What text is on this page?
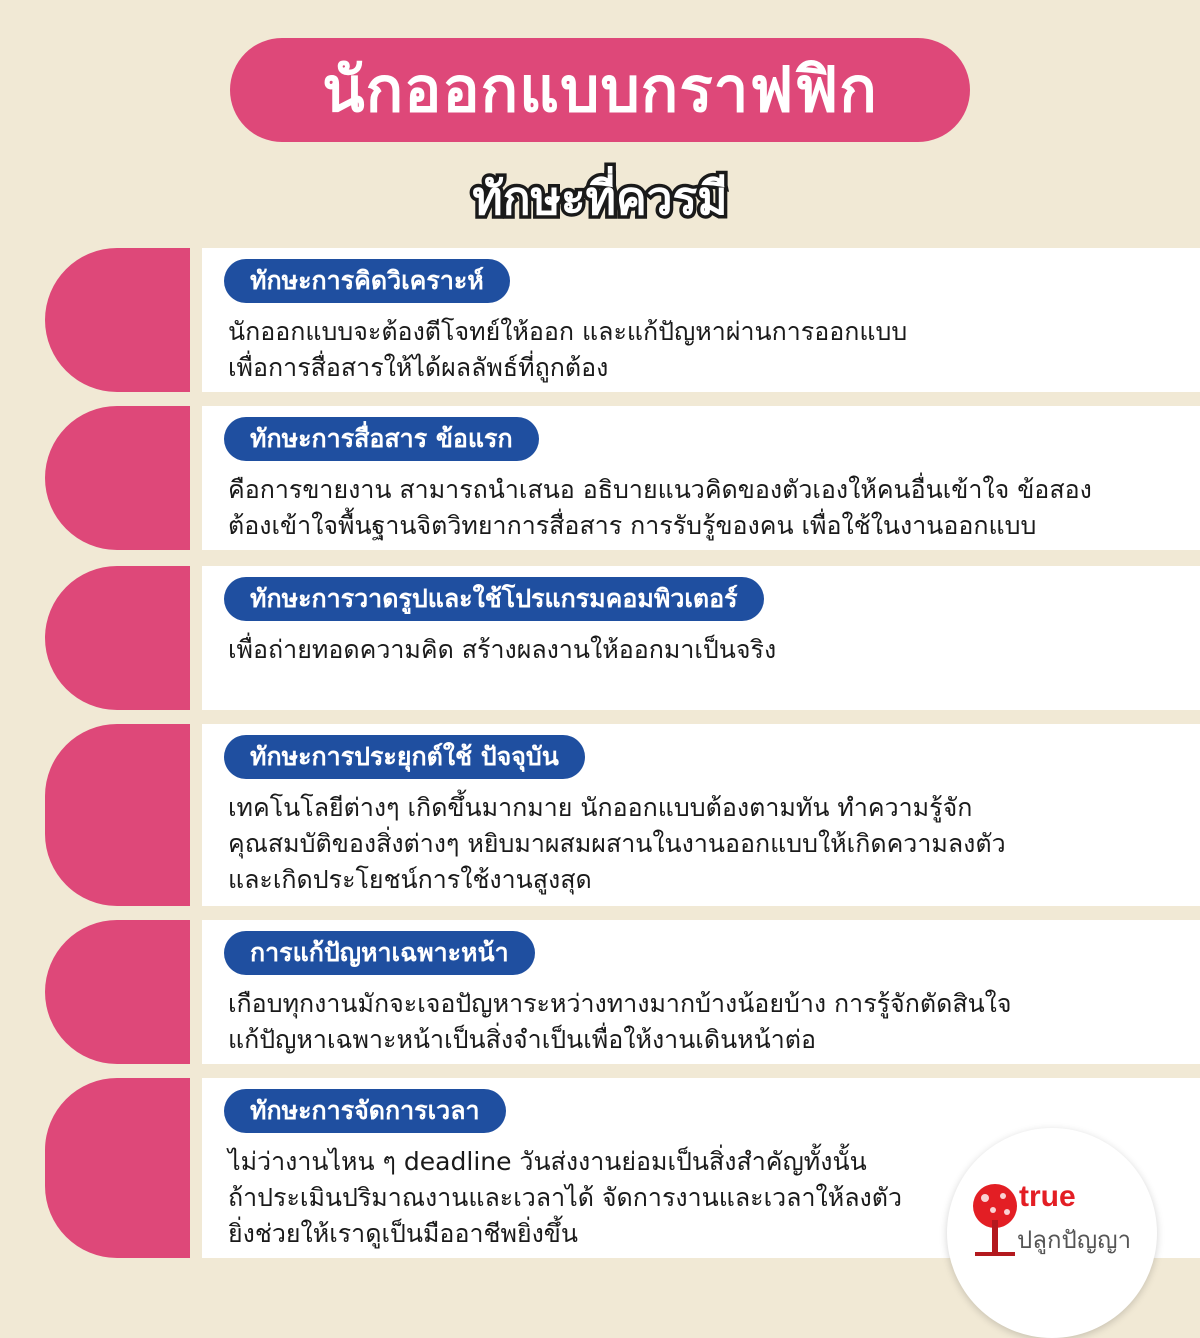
นักออกแบบกราฟฟิก
ทักษะที่ควรมี
ทักษะการคิดวิเคราะห์
นักออกแบบจะต้องตีโจทย์ให้ออก และแก้ปัญหาผ่านการออกแบบ
เพื่อการสื่อสารให้ได้ผลลัพธ์ที่ถูกต้อง
ทักษะการสื่อสาร ข้อแรก
คือการขายงาน สามารถนำเสนอ อธิบายแนวคิดของตัวเองให้คนอื่นเข้าใจ ข้อสอง
ต้องเข้าใจพื้นฐานจิตวิทยาการสื่อสาร การรับรู้ของคน เพื่อใช้ในงานออกแบบ
ทักษะการวาดรูปและใช้โปรแกรมคอมพิวเตอร์
เพื่อถ่ายทอดความคิด สร้างผลงานให้ออกมาเป็นจริง
ทักษะการประยุกต์ใช้ ปัจจุบัน
เทคโนโลยีต่างๆ เกิดขึ้นมากมาย นักออกแบบต้องตามทัน ทำความรู้จัก
คุณสมบัติของสิ่งต่างๆ หยิบมาผสมผสานในงานออกแบบให้เกิดความลงตัว
และเกิดประโยชน์การใช้งานสูงสุด
การแก้ปัญหาเฉพาะหน้า
เกือบทุกงานมักจะเจอปัญหาระหว่างทางมากบ้างน้อยบ้าง การรู้จักตัดสินใจ
แก้ปัญหาเฉพาะหน้าเป็นสิ่งจำเป็นเพื่อให้งานเดินหน้าต่อ
ทักษะการจัดการเวลา
ไม่ว่างานไหน ๆ deadline วันส่งงานย่อมเป็นสิ่งสำคัญทั้งนั้น
ถ้าประเมินปริมาณงานและเวลาได้ จัดการงานและเวลาให้ลงตัว
ยิ่งช่วยให้เราดูเป็นมืออาชีพยิ่งขึ้น
true
ปลูกปัญญา
